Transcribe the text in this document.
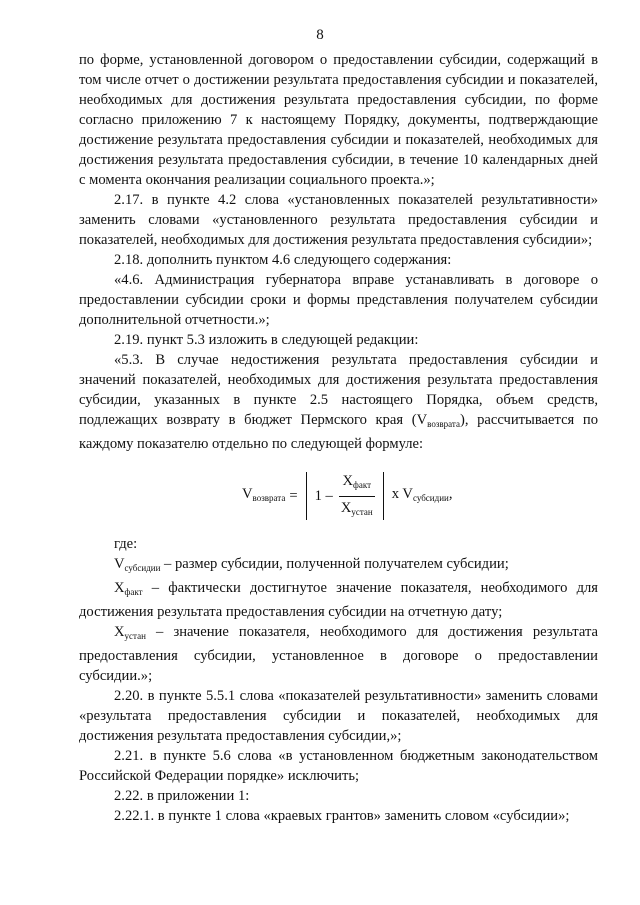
8

по форме, установленной договором о предоставлении субсидии, содержащий в том числе отчет о достижении результата предоставления субсидии и показателей, необходимых для достижения результата предоставления субсидии, по форме согласно приложению 7 к настоящему Порядку, документы, подтверждающие достижение результата предоставления субсидии и показателей, необходимых для достижения результата предоставления субсидии, в течение 10 календарных дней с момента окончания реализации социального проекта.»;

2.17. в пункте 4.2 слова «установленных показателей результативности» заменить словами «установленного результата предоставления субсидии и показателей, необходимых для достижения результата предоставления субсидии»;

2.18. дополнить пунктом 4.6 следующего содержания:

«4.6. Администрация губернатора вправе устанавливать в договоре о предоставлении субсидии сроки и формы представления получателем субсидии дополнительной отчетности.»;

2.19. пункт 5.3 изложить в следующей редакции:

«5.3. В случае недостижения результата предоставления субсидии и значений показателей, необходимых для достижения результата предоставления субсидии, указанных в пункте 2.5 настоящего Порядка, объем средств, подлежащих возврату в бюджет Пермского края $(V_{возврата})$, рассчитывается по каждому показателю отдельно по следующей формуле:

$V_{возврата} = 1 - \frac{X_{факт}}{X_{устан}}$ x $V_{субсидии}$,

где:

$V_{субсидии}$ – размер субсидии, полученной получателем субсидии;

$X_{факт}$ – фактически достигнутое значение показателя, необходимого для достижения результата предоставления субсидии на отчетную дату;

$X_{устан}$ – значение показателя, необходимого для достижения результата предоставления субсидии, установленное в договоре о предоставлении субсидии.»;

2.20. в пункте 5.5.1 слова «показателей результативности» заменить словами «результата предоставления субсидии и показателей, необходимых для достижения результата предоставления субсидии,»;

2.21. в пункте 5.6 слова «в установленном бюджетным законодательством Российской Федерации порядке» исключить;

2.22. в приложении 1:

2.22.1. в пункте 1 слова «краевых грантов» заменить словом «субсидии»;
